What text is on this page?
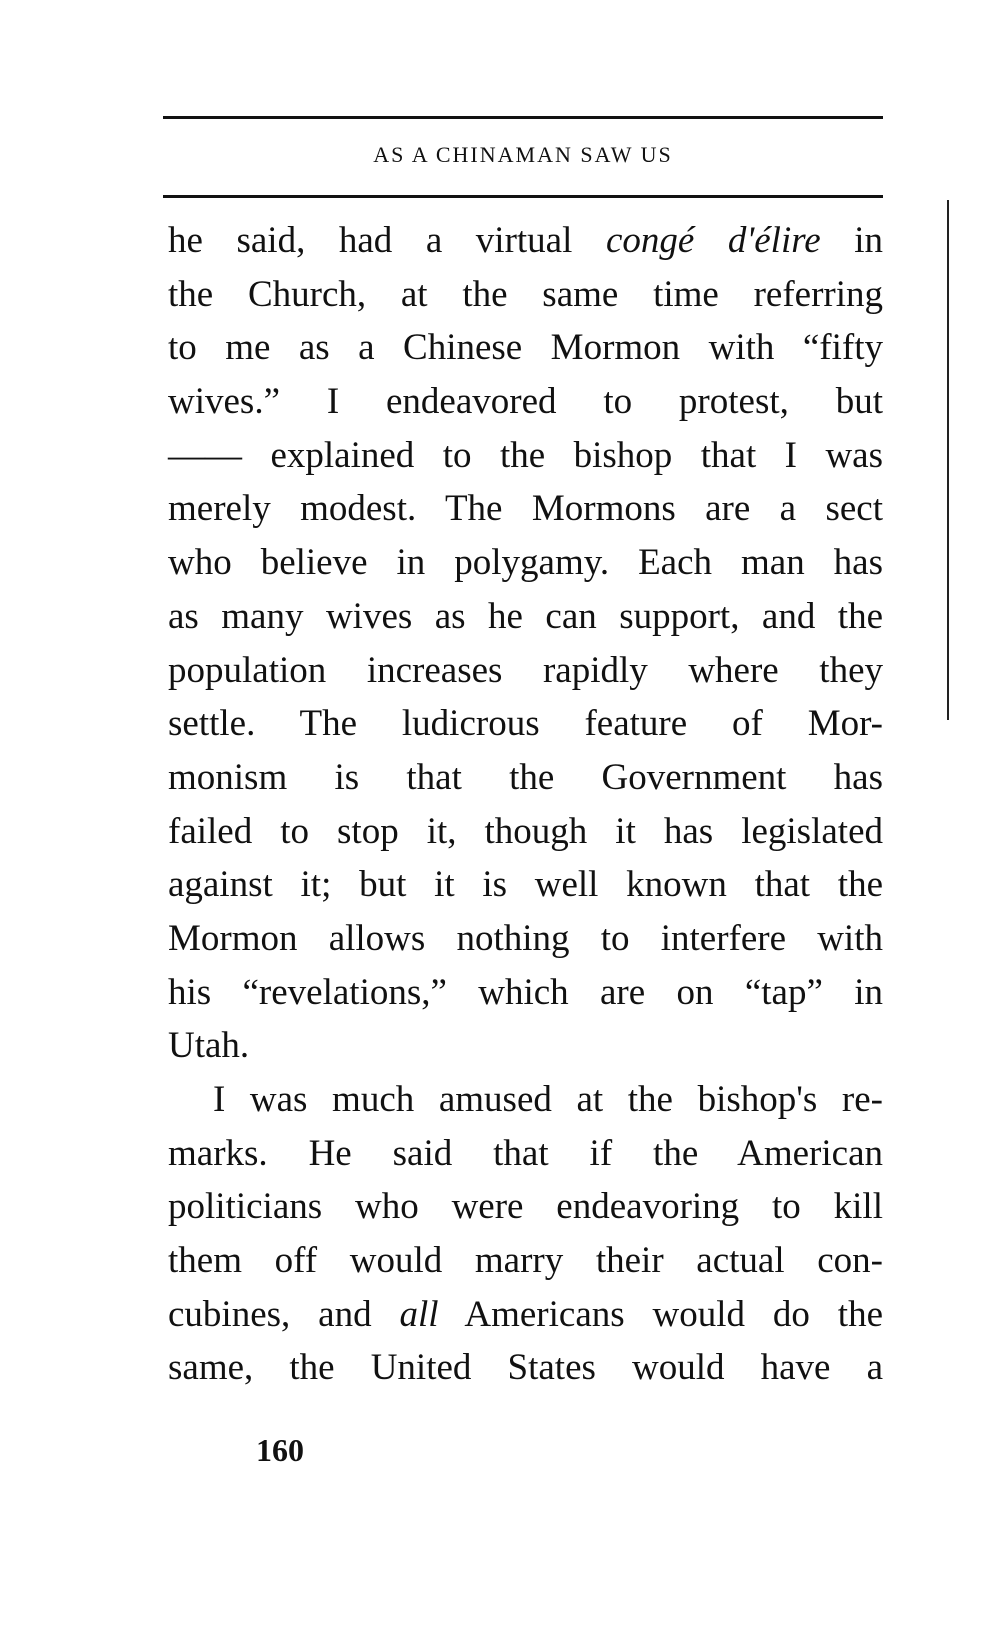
AS A CHINAMAN SAW US
he said, had a virtual congé d'élire in
the Church, at the same time referring
to me as a Chinese Mormon with “fifty
wives.” I endeavored to protest, but
—— explained to the bishop that I was
merely modest. The Mormons are a sect
who believe in polygamy. Each man has
as many wives as he can support, and the
population increases rapidly where they
settle. The ludicrous feature of Mor-
monism is that the Government has
failed to stop it, though it has legislated
against it; but it is well known that the
Mormon allows nothing to interfere with
his “revelations,” which are on “tap” in
Utah.
I was much amused at the bishop's re-
marks. He said that if the American
politicians who were endeavoring to kill
them off would marry their actual con-
cubines, and all Americans would do the
same, the United States would have a
160
